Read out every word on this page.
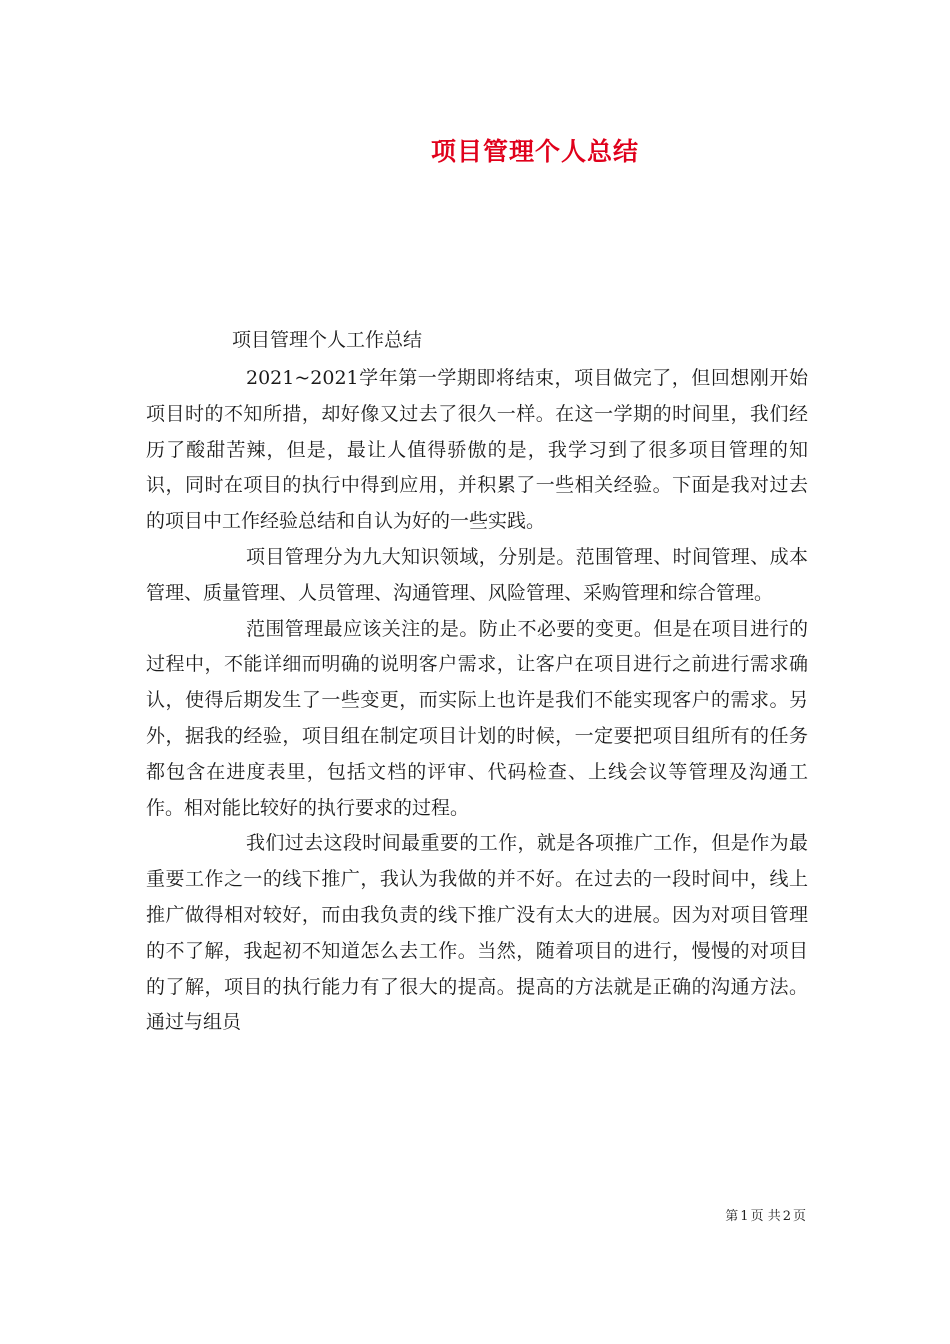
项目管理个人总结
项目管理个人工作总结

2021~2021学年第一学期即将结束，项目做完了，但回想刚开始项目时的不知所措，却好像又过去了很久一样。在这一学期的时间里，我们经历了酸甜苦辣，但是，最让人值得骄傲的是，我学习到了很多项目管理的知识，同时在项目的执行中得到应用，并积累了一些相关经验。下面是我对过去的项目中工作经验总结和自认为好的一些实践。

项目管理分为九大知识领域，分别是。范围管理、时间管理、成本管理、质量管理、人员管理、沟通管理、风险管理、采购管理和综合管理。

范围管理最应该关注的是。防止不必要的变更。但是在项目进行的过程中，不能详细而明确的说明客户需求，让客户在项目进行之前进行需求确认，使得后期发生了一些变更，而实际上也许是我们不能实现客户的需求。另外，据我的经验，项目组在制定项目计划的时候，一定要把项目组所有的任务都包含在进度表里，包括文档的评审、代码检查、上线会议等管理及沟通工作。相对能比较好的执行要求的过程。

我们过去这段时间最重要的工作，就是各项推广工作，但是作为最重要工作之一的线下推广，我认为我做的并不好。在过去的一段时间中，线上推广做得相对较好，而由我负责的线下推广没有太大的进展。因为对项目管理的不了解，我起初不知道怎么去工作。当然，随着项目的进行，慢慢的对项目的了解，项目的执行能力有了很大的提高。提高的方法就是正确的沟通方法。通过与组员

第 1 页 共 2 页
